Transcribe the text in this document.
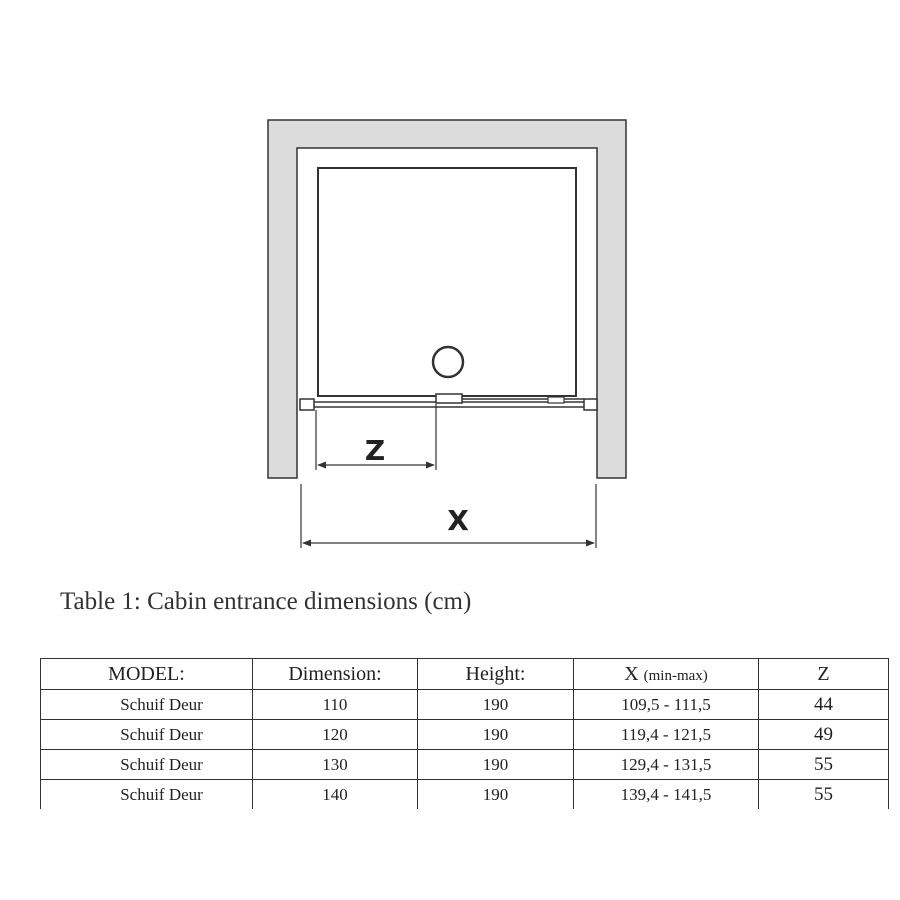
Z
X

Table 1: Cabin entrance dimensions (cm)

MODEL:	Dimension:	Height:	X (min-max)	Z
Schuif Deur	110	190	109,5 - 111,5	44
Schuif Deur	120	190	119,4 - 121,5	49
Schuif Deur	130	190	129,4 - 131,5	55
Schuif Deur	140	190	139,4 - 141,5	55
